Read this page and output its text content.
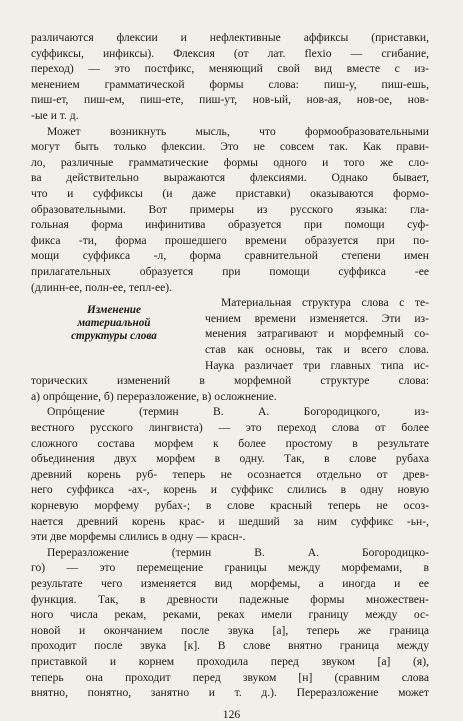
различаются флексии и нефлективные аффиксы (приставки,
суффиксы, инфиксы). Флексия (от лат. flexio — сгибание,
переход) — это постфикс, меняющий свой вид вместе с из-
менением грамматической формы слова: пиш-у, пиш-ешь,
пиш-ет, пиш-ем, пиш-ете, пиш-ут, нов-ый, нов-ая, нов-ое, нов-
-ые и т. д.
Может возникнуть мысль, что формообразовательными
могут быть только флексии. Это не совсем так. Как прави-
ло, различные грамматические формы одного и того же сло-
ва действительно выражаются флексиями. Однако бывает,
что и суффиксы (и даже приставки) оказываются формо-
образовательными. Вот примеры из русского языка: гла-
гольная форма инфинитива образуется при помощи суф-
фикса -ти, форма прошедшего времени образуется при по-
мощи суффикса -л, форма сравнительной степени имен
прилагательных образуется при помощи суффикса -ее
(длинн-ее, полн-ее, тепл-ее).
Изменение
материальной
структуры слова
Материальная структура слова с те-
чением времени изменяется. Эти из-
менения затрагивают и морфемный со-
став как основы, так и всего слова.
Наука различает три главных типа ис-
торических изменений в морфемной структуре слова:
а) опрóщение, б) переразложение, в) осложнение.
Опрóщение (термин В. А. Богородицкого, из-
вестного русского лингвиста) — это переход слова от более
сложного состава морфем к более простому в результате
объединения двух морфем в одну. Так, в слове рубаха
древний корень руб- теперь не осознается отдельно от древ-
него суффикса -ах-, корень и суффикс слились в одну новую
корневую морфему рубах-; в слове красный теперь не осоз-
нается древний корень крас- и шедший за ним суффикс -ьн-,
эти две морфемы слились в одну — красн-.
Переразложение (термин В. А. Богородицко-
го) — это перемещение границы между морфемами, в
результате чего изменяется вид морфемы, а иногда и ее
функция. Так, в древности падежные формы множествен-
ного числа рекам, реками, реках имели границу между ос-
126
новой и окончанием после звука [а], теперь же граница
проходит после звука [к]. В слове внятно граница между
приставкой и корнем проходила перед звуком [а] (я),
теперь она проходит перед звуком [н] (сравним слова
внятно, понятно, занятно и т. д.). Переразложение может
